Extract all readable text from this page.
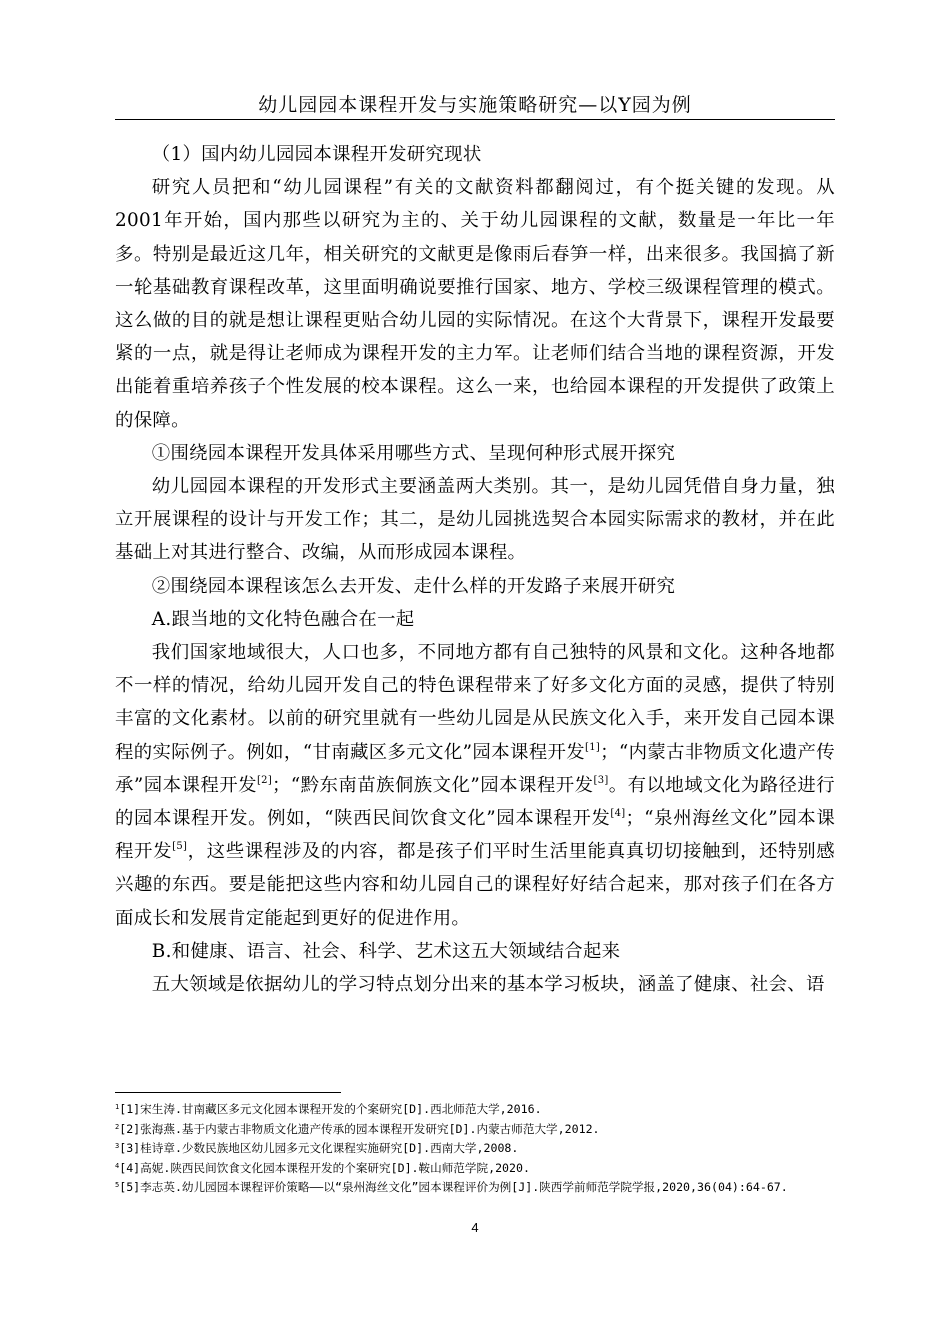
幼儿园园本课程开发与实施策略研究—以Y园为例

（1）国内幼儿园园本课程开发研究现状

研究人员把和“幼儿园课程”有关的文献资料都翻阅过，有个挺关键的发现。从2001年开始，国内那些以研究为主的、关于幼儿园课程的文献，数量是一年比一年多。特别是最近这几年，相关研究的文献更是像雨后春笋一样，出来很多。我国搞了新一轮基础教育课程改革，这里面明确说要推行国家、地方、学校三级课程管理的模式。这么做的目的就是想让课程更贴合幼儿园的实际情况。在这个大背景下，课程开发最要紧的一点，就是得让老师成为课程开发的主力军。让老师们结合当地的课程资源，开发出能着重培养孩子个性发展的校本课程。这么一来，也给园本课程的开发提供了政策上的保障。

①围绕园本课程开发具体采用哪些方式、呈现何种形式展开探究

幼儿园园本课程的开发形式主要涵盖两大类别。其一，是幼儿园凭借自身力量，独立开展课程的设计与开发工作；其二，是幼儿园挑选契合本园实际需求的教材，并在此基础上对其进行整合、改编，从而形成园本课程。

②围绕园本课程该怎么去开发、走什么样的开发路子来展开研究

A.跟当地的文化特色融合在一起

我们国家地域很大，人口也多，不同地方都有自己独特的风景和文化。这种各地都不一样的情况，给幼儿园开发自己的特色课程带来了好多文化方面的灵感，提供了特别丰富的文化素材。以前的研究里就有一些幼儿园是从民族文化入手，来开发自己园本课程的实际例子。例如，“甘南藏区多元文化”园本课程开发[1]；“内蒙古非物质文化遗产传承”园本课程开发[2]；“黔东南苗族侗族文化”园本课程开发[3]。有以地域文化为路径进行的园本课程开发。例如，“陕西民间饮食文化”园本课程开发[4]；“泉州海丝文化”园本课程开发[5]，这些课程涉及的内容，都是孩子们平时生活里能真真切切接触到，还特别感兴趣的东西。要是能把这些内容和幼儿园自己的课程好好结合起来，那对孩子们在各方面成长和发展肯定能起到更好的促进作用。

B.和健康、语言、社会、科学、艺术这五大领域结合起来

五大领域是依据幼儿的学习特点划分出来的基本学习板块，涵盖了健康、社会、语

$^1$[1]宋生涛.甘南藏区多元文化园本课程开发的个案研究[D].西北师范大学,2016.

$^2$[2]张海燕.基于内蒙古非物质文化遗产传承的园本课程开发研究[D].内蒙古师范大学,2012.

$^3$[3]桂诗章.少数民族地区幼儿园多元文化课程实施研究[D].西南大学,2008.

$^4$[4]高妮.陕西民间饮食文化园本课程开发的个案研究[D].鞍山师范学院,2020.

$^5$[5]李志英.幼儿园园本课程评价策略——以“泉州海丝文化”园本课程评价为例[J].陕西学前师范学院学报,2020,36(04):64-67.

4
